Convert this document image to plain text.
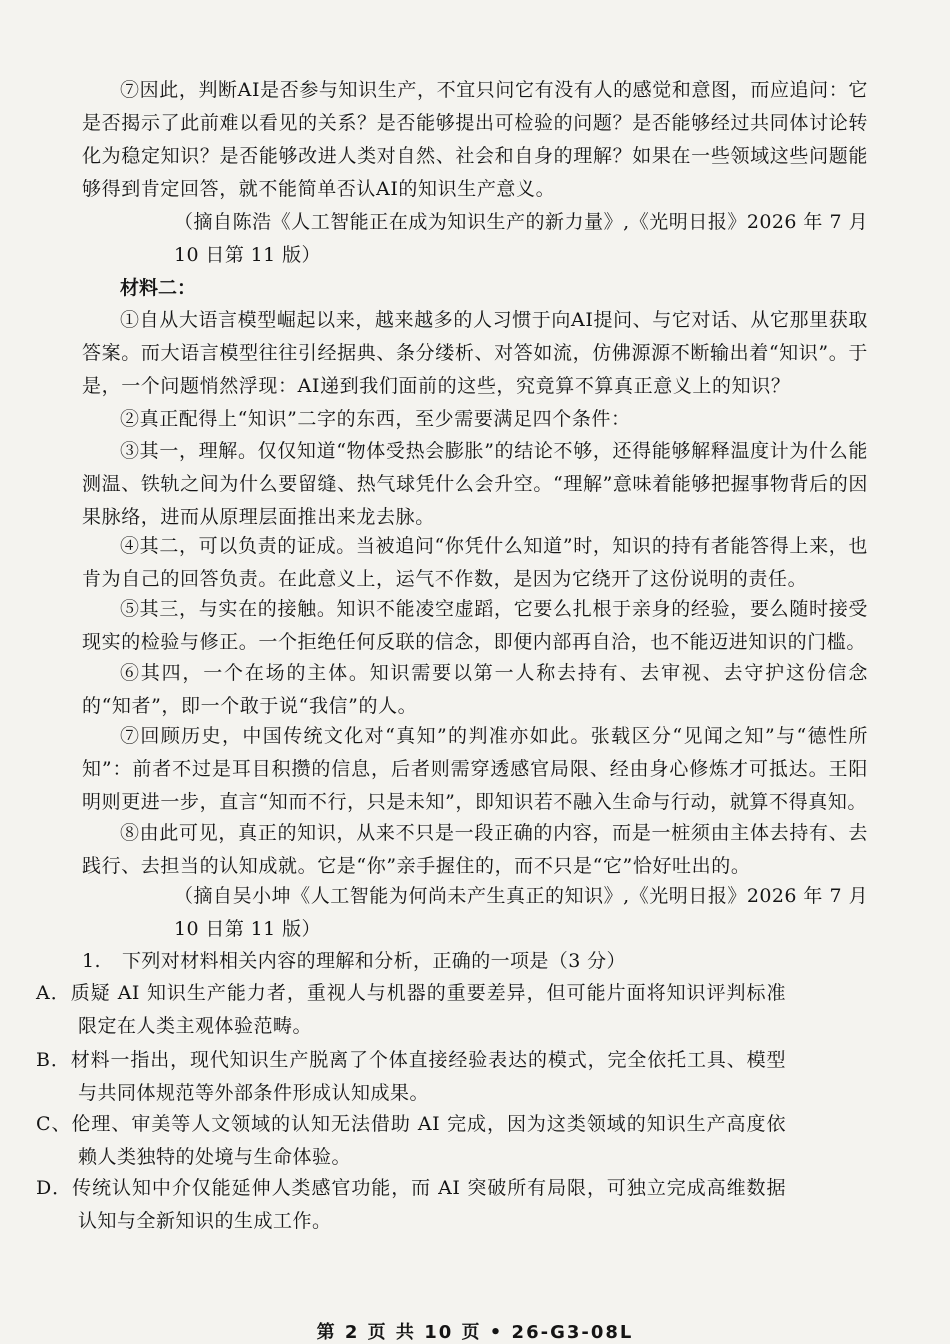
⑦因此，判断AI是否参与知识生产，不宜只问它有没有人的感觉和意图，而应追问：它是否揭示了此前难以看见的关系？是否能够提出可检验的问题？是否能够经过共同体讨论转化为稳定知识？是否能够改进人类对自然、社会和自身的理解？如果在一些领域这些问题能够得到肯定回答，就不能简单否认AI的知识生产意义。

（摘自陈浩《人工智能正在成为知识生产的新力量》,《光明日报》2026 年 7 月 10 日第 11 版）

材料二：

①自从大语言模型崛起以来，越来越多的人习惯于向AI提问、与它对话、从它那里获取答案。而大语言模型往往引经据典、条分缕析、对答如流，仿佛源源不断输出着“知识”。于是，一个问题悄然浮现：AI递到我们面前的这些，究竟算不算真正意义上的知识？

②真正配得上“知识”二字的东西，至少需要满足四个条件：

③其一，理解。仅仅知道“物体受热会膨胀”的结论不够，还得能够解释温度计为什么能测温、铁轨之间为什么要留缝、热气球凭什么会升空。“理解”意味着能够把握事物背后的因果脉络，进而从原理层面推出来龙去脉。

④其二，可以负责的证成。当被追问“你凭什么知道”时，知识的持有者能答得上来，也肯为自己的回答负责。在此意义上，运气不作数，是因为它绕开了这份说明的责任。

⑤其三，与实在的接触。知识不能凌空虚蹈，它要么扎根于亲身的经验，要么随时接受现实的检验与修正。一个拒绝任何反联的信念，即便内部再自洽，也不能迈进知识的门槛。

⑥其四，一个在场的主体。知识需要以第一人称去持有、去审视、去守护这份信念的“知者”，即一个敢于说“我信”的人。

⑦回顾历史，中国传统文化对“真知”的判准亦如此。张载区分“见闻之知”与“德性所知”：前者不过是耳目积攒的信息，后者则需穿透感官局限、经由身心修炼才可抵达。王阳明则更进一步，直言“知而不行，只是未知”，即知识若不融入生命与行动，就算不得真知。

⑧由此可见，真正的知识，从来不只是一段正确的内容，而是一桩须由主体去持有、去践行、去担当的认知成就。它是“你”亲手握住的，而不只是“它”恰好吐出的。

（摘自吴小坤《人工智能为何尚未产生真正的知识》,《光明日报》2026 年 7 月 10 日第 11 版）

1. 下列对材料相关内容的理解和分析，正确的一项是（3 分）

A．质疑 AI 知识生产能力者，重视人与机器的重要差异，但可能片面将知识评判标准限定在人类主观体验范畴。

B．材料一指出，现代知识生产脱离了个体直接经验表达的模式，完全依托工具、模型与共同体规范等外部条件形成认知成果。

C、伦理、审美等人文领域的认知无法借助 AI 完成，因为这类领域的知识生产高度依赖人类独特的处境与生命体验。

D．传统认知中介仅能延伸人类感官功能，而 AI 突破所有局限，可独立完成高维数据认知与全新知识的生成工作。

第 2 页 共 10 页 • 26-G3-08L
